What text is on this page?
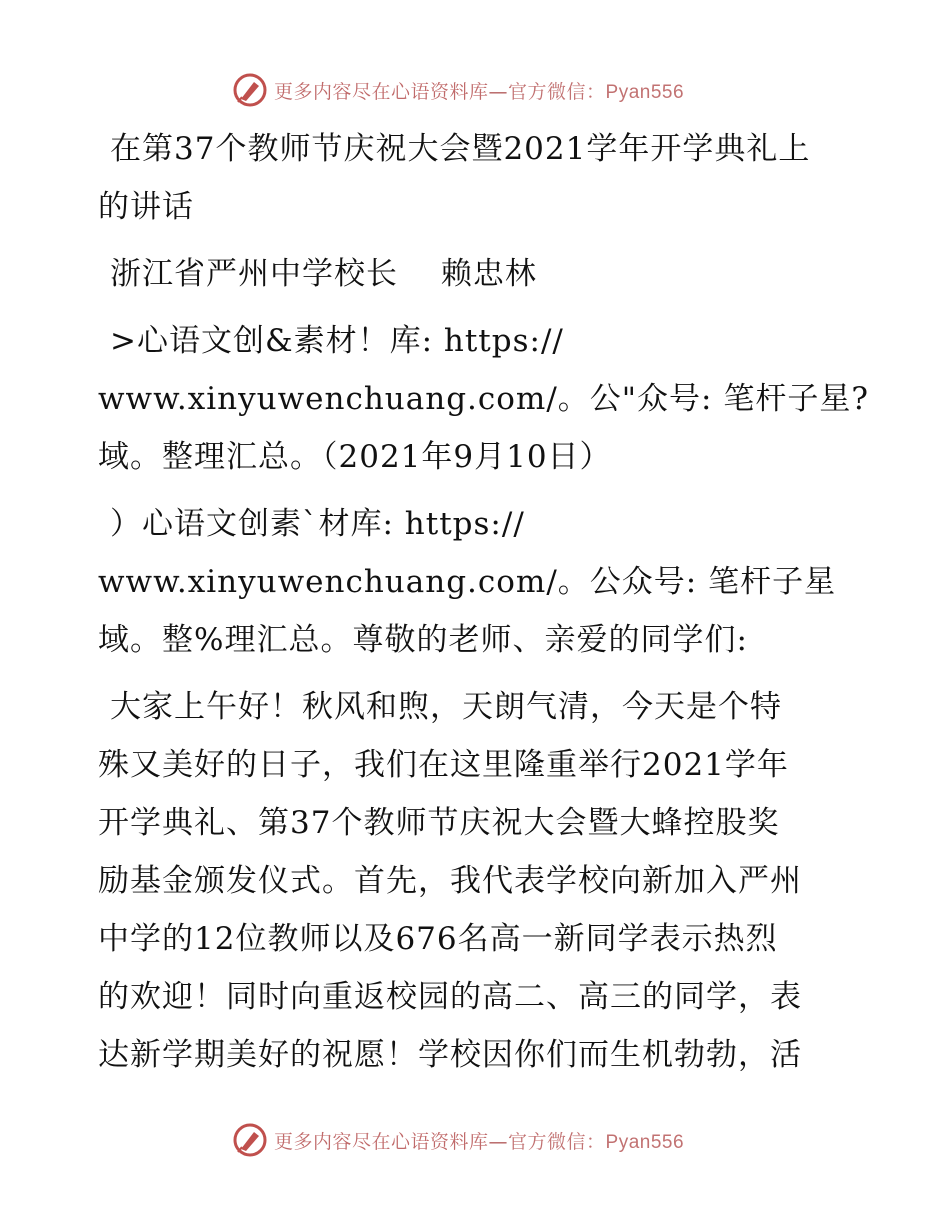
更多内容尽在心语资料库—官方微信：Pyan556
在第37个教师节庆祝大会暨2021学年开学典礼上
的讲话
浙江省严州中学校长　 赖忠林
>心语文创&素材！库: https://
www.xinyuwenchuang.com/。公"众号: 笔杆子星?
域。整理汇总。（2021年9月10日）
）心语文创素`材库: https://
www.xinyuwenchuang.com/。公众号: 笔杆子星
域。整%理汇总。尊敬的老师、亲爱的同学们:
大家上午好！秋风和煦，天朗气清，今天是个特
殊又美好的日子，我们在这里隆重举行2021学年
开学典礼、第37个教师节庆祝大会暨大蜂控股奖
励基金颁发仪式。首先，我代表学校向新加入严州
中学的12位教师以及676名高一新同学表示热烈
的欢迎！同时向重返校园的高二、高三的同学，表
达新学期美好的祝愿！学校因你们而生机勃勃，活
更多内容尽在心语资料库—官方微信：Pyan556
